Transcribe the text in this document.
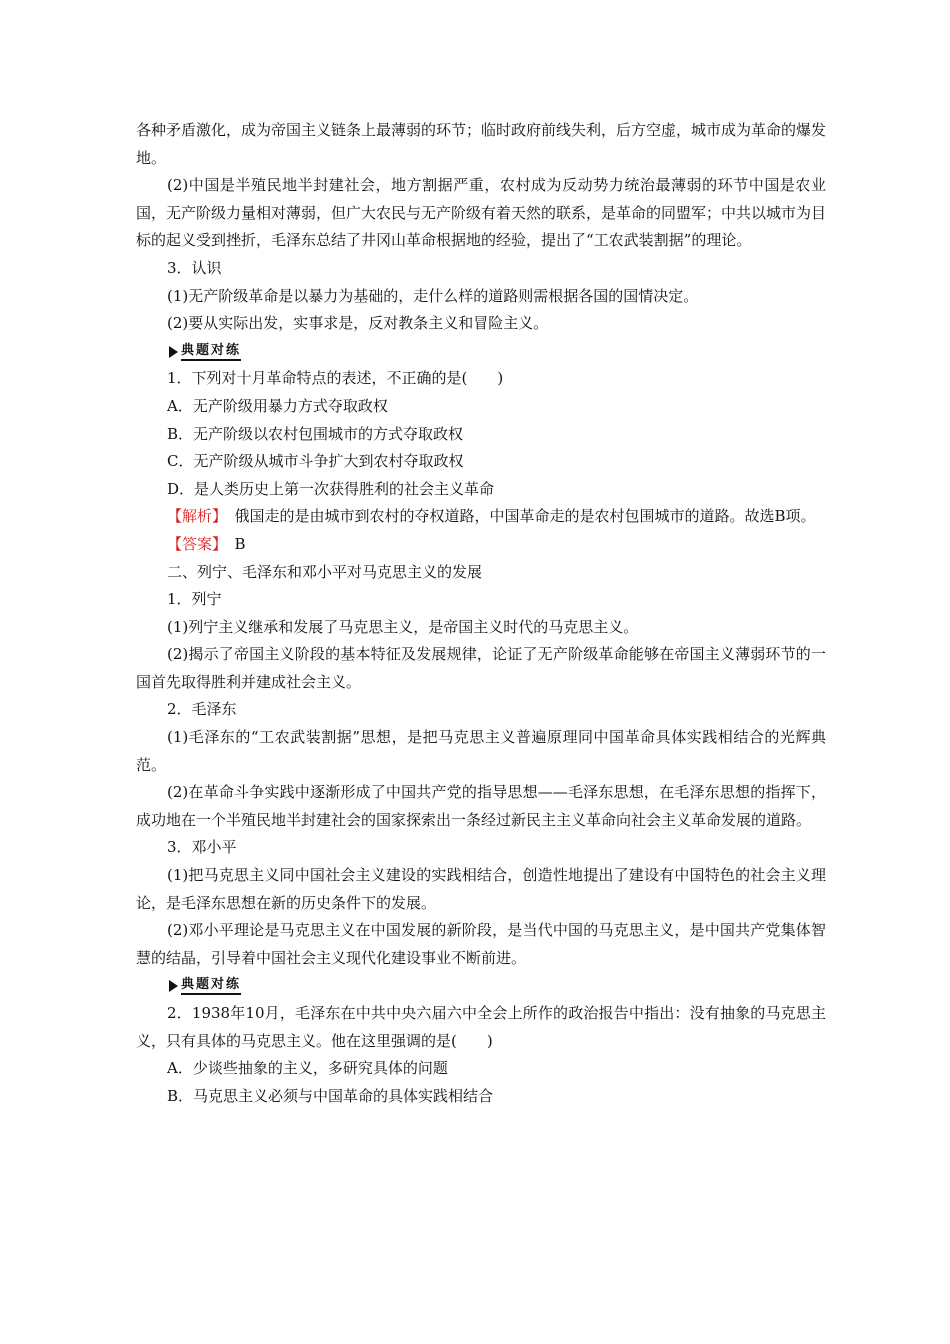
各种矛盾激化，成为帝国主义链条上最薄弱的环节；临时政府前线失利，后方空虚，城市成为革命的爆发地。

(2)中国是半殖民地半封建社会，地方割据严重，农村成为反动势力统治最薄弱的环节中国是农业国，无产阶级力量相对薄弱，但广大农民与无产阶级有着天然的联系，是革命的同盟军；中共以城市为目标的起义受到挫折，毛泽东总结了井冈山革命根据地的经验，提出了“工农武装割据”的理论。

3．认识

(1)无产阶级革命是以暴力为基础的，走什么样的道路则需根据各国的国情决定。

(2)要从实际出发，实事求是，反对教条主义和冒险主义。

典题对练

1．下列对十月革命特点的表述，不正确的是(　　)

A．无产阶级用暴力方式夺取政权

B．无产阶级以农村包围城市的方式夺取政权

C．无产阶级从城市斗争扩大到农村夺取政权

D．是人类历史上第一次获得胜利的社会主义革命

【解析】　俄国走的是由城市到农村的夺权道路，中国革命走的是农村包围城市的道路。故选B项。

【答案】　B

二、列宁、毛泽东和邓小平对马克思主义的发展

1．列宁

(1)列宁主义继承和发展了马克思主义，是帝国主义时代的马克思主义。

(2)揭示了帝国主义阶段的基本特征及发展规律，论证了无产阶级革命能够在帝国主义薄弱环节的一国首先取得胜利并建成社会主义。

2．毛泽东

(1)毛泽东的“工农武装割据”思想，是把马克思主义普遍原理同中国革命具体实践相结合的光辉典范。

(2)在革命斗争实践中逐渐形成了中国共产党的指导思想——毛泽东思想，在毛泽东思想的指挥下，成功地在一个半殖民地半封建社会的国家探索出一条经过新民主主义革命向社会主义革命发展的道路。

3．邓小平

(1)把马克思主义同中国社会主义建设的实践相结合，创造性地提出了建设有中国特色的社会主义理论，是毛泽东思想在新的历史条件下的发展。

(2)邓小平理论是马克思主义在中国发展的新阶段，是当代中国的马克思主义，是中国共产党集体智慧的结晶，引导着中国社会主义现代化建设事业不断前进。

典题对练

2．1938年10月，毛泽东在中共中央六届六中全会上所作的政治报告中指出：没有抽象的马克思主义，只有具体的马克思主义。他在这里强调的是(　　)

A．少谈些抽象的主义，多研究具体的问题

B．马克思主义必须与中国革命的具体实践相结合
